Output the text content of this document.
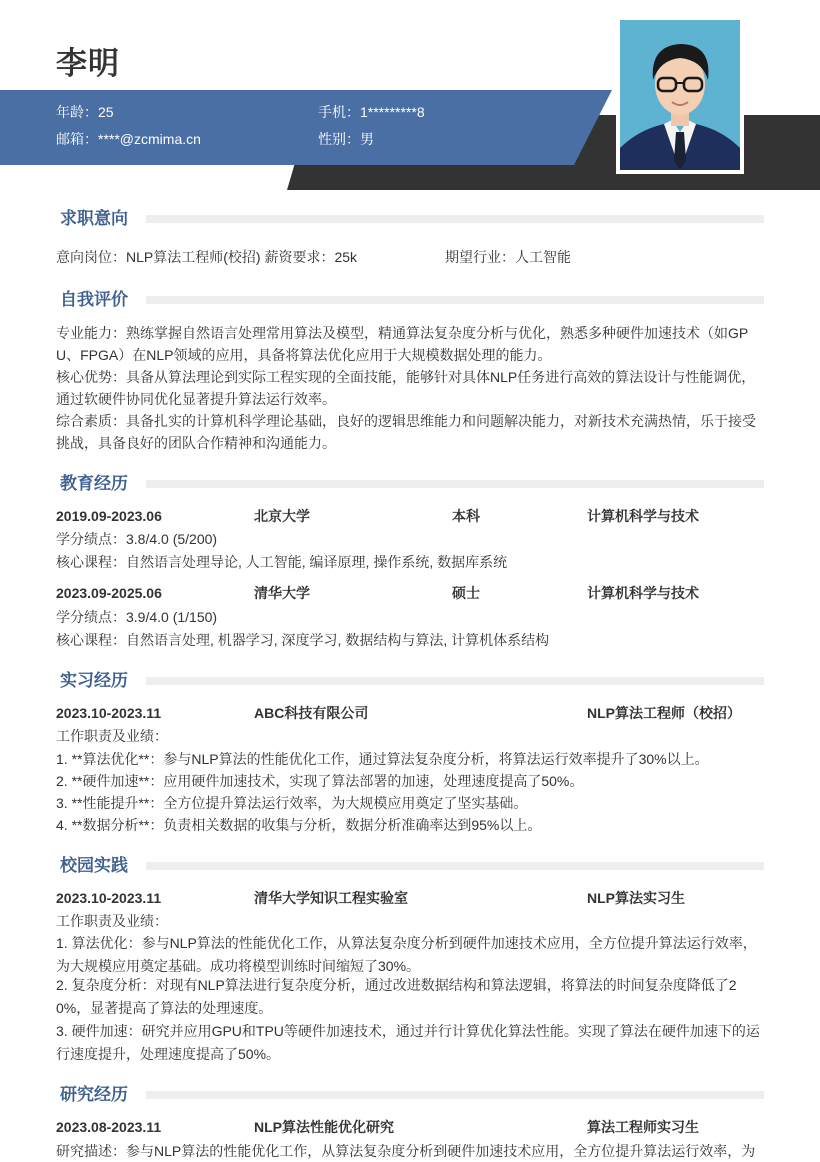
李明
年龄：25	手机：1*********8
邮箱：****@zcmima.cn	性别：男
求职意向
意向岗位：NLP算法工程师(校招) 薪资要求：25k	期望行业：人工智能
自我评价
专业能力：熟练掌握自然语言处理常用算法及模型，精通算法复杂度分析与优化，熟悉多种硬件加速技术（如GP
U、FPGA）在NLP领域的应用，具备将算法优化应用于大规模数据处理的能力。
核心优势：具备从算法理论到实际工程实现的全面技能，能够针对具体NLP任务进行高效的算法设计与性能调优，
通过软硬件协同优化显著提升算法运行效率。
综合素质：具备扎实的计算机科学理论基础，良好的逻辑思维能力和问题解决能力，对新技术充满热情，乐于接受
挑战，具备良好的团队合作精神和沟通能力。
教育经历
2019.09-2023.06	北京大学	本科	计算机科学与技术
学分绩点：3.8/4.0 (5/200)
核心课程：自然语言处理导论, 人工智能, 编译原理, 操作系统, 数据库系统
2023.09-2025.06	清华大学	硕士	计算机科学与技术
学分绩点：3.9/4.0 (1/150)
核心课程：自然语言处理, 机器学习, 深度学习, 数据结构与算法, 计算机体系结构
实习经历
2023.10-2023.11	ABC科技有限公司	NLP算法工程师（校招）
工作职责及业绩：
1. **算法优化**：参与NLP算法的性能优化工作，通过算法复杂度分析，将算法运行效率提升了30%以上。
2. **硬件加速**：应用硬件加速技术，实现了算法部署的加速，处理速度提高了50%。
3. **性能提升**：全方位提升算法运行效率，为大规模应用奠定了坚实基础。
4. **数据分析**：负责相关数据的收集与分析，数据分析准确率达到95%以上。
校园实践
2023.10-2023.11	清华大学知识工程实验室	NLP算法实习生
工作职责及业绩：
1. 算法优化：参与NLP算法的性能优化工作，从算法复杂度分析到硬件加速技术应用，全方位提升算法运行效率，
为大规模应用奠定基础。成功将模型训练时间缩短了30%。
2. 复杂度分析：对现有NLP算法进行复杂度分析，通过改进数据结构和算法逻辑，将算法的时间复杂度降低了2
0%，显著提高了算法的处理速度。
3. 硬件加速：研究并应用GPU和TPU等硬件加速技术，通过并行计算优化算法性能。实现了算法在硬件加速下的运
行速度提升，处理速度提高了50%。
研究经历
2023.08-2023.11	NLP算法性能优化研究	算法工程师实习生
研究描述：参与NLP算法的性能优化工作，从算法复杂度分析到硬件加速技术应用，全方位提升算法运行效率，为
